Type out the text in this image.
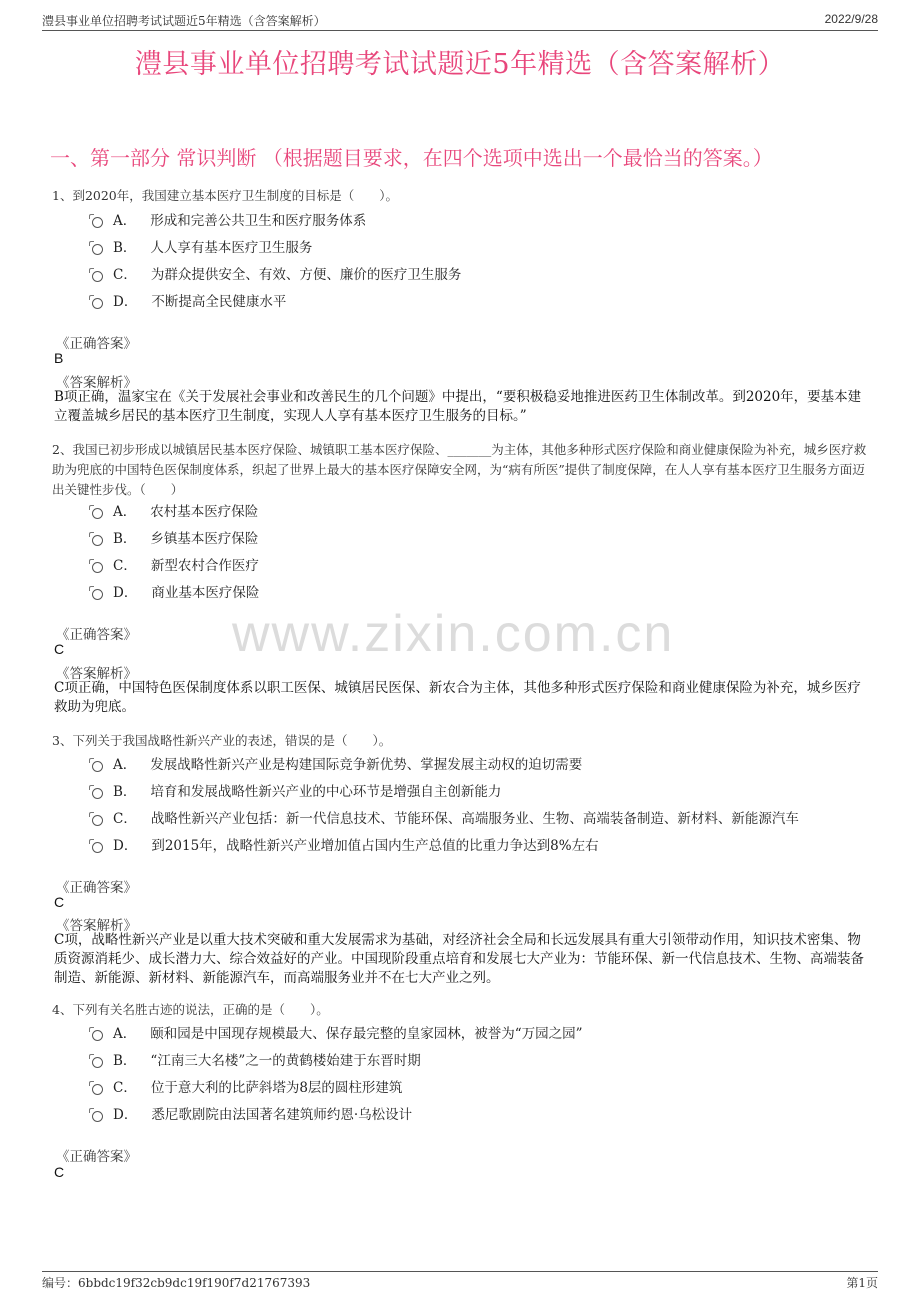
澧县事业单位招聘考试试题近5年精选（含答案解析）	2022/9/28
澧县事业单位招聘考试试题近5年精选（含答案解析）
一、第一部分 常识判断 （根据题目要求，在四个选项中选出一个最恰当的答案。）
www.zixin.com.cn
1、到2020年，我国建立基本医疗卫生制度的目标是（　　）。
A． 形成和完善公共卫生和医疗服务体系
B． 人人享有基本医疗卫生服务
C． 为群众提供安全、有效、方便、廉价的医疗卫生服务
D． 不断提高全民健康水平
《正确答案》
B
《答案解析》
B项正确，温家宝在《关于发展社会事业和改善民生的几个问题》中提出，“要积极稳妥地推进医药卫生体制改革。到2020年，要基本建立覆盖城乡居民的基本医疗卫生制度，实现人人享有基本医疗卫生服务的目标。”
2、我国已初步形成以城镇居民基本医疗保险、城镇职工基本医疗保险、_______为主体，其他多种形式医疗保险和商业健康保险为补充，城乡医疗救助为兜底的中国特色医保制度体系，织起了世界上最大的基本医疗保障安全网，为“病有所医”提供了制度保障，在人人享有基本医疗卫生服务方面迈出关键性步伐。（　　）
A． 农村基本医疗保险
B． 乡镇基本医疗保险
C． 新型农村合作医疗
D． 商业基本医疗保险
《正确答案》
C
《答案解析》
C项正确，中国特色医保制度体系以职工医保、城镇居民医保、新农合为主体，其他多种形式医疗保险和商业健康保险为补充，城乡医疗救助为兜底。
3、下列关于我国战略性新兴产业的表述，错误的是（　　）。
A． 发展战略性新兴产业是构建国际竞争新优势、掌握发展主动权的迫切需要
B． 培育和发展战略性新兴产业的中心环节是增强自主创新能力
C． 战略性新兴产业包括：新一代信息技术、节能环保、高端服务业、生物、高端装备制造、新材料、新能源汽车
D． 到2015年，战略性新兴产业增加值占国内生产总值的比重力争达到8%左右
《正确答案》
C
《答案解析》
C项，战略性新兴产业是以重大技术突破和重大发展需求为基础，对经济社会全局和长远发展具有重大引领带动作用，知识技术密集、物质资源消耗少、成长潜力大、综合效益好的产业。中国现阶段重点培育和发展七大产业为：节能环保、新一代信息技术、生物、高端装备制造、新能源、新材料、新能源汽车，而高端服务业并不在七大产业之列。
4、下列有关名胜古迹的说法，正确的是（　　）。
A． 颐和园是中国现存规模最大、保存最完整的皇家园林，被誉为“万园之园”
B． “江南三大名楼”之一的黄鹤楼始建于东晋时期
C． 位于意大利的比萨斜塔为8层的圆柱形建筑
D． 悉尼歌剧院由法国著名建筑师约恩·乌松设计
《正确答案》
C
编号：6bbdc19f32cb9dc19f190f7d21767393	第1页
